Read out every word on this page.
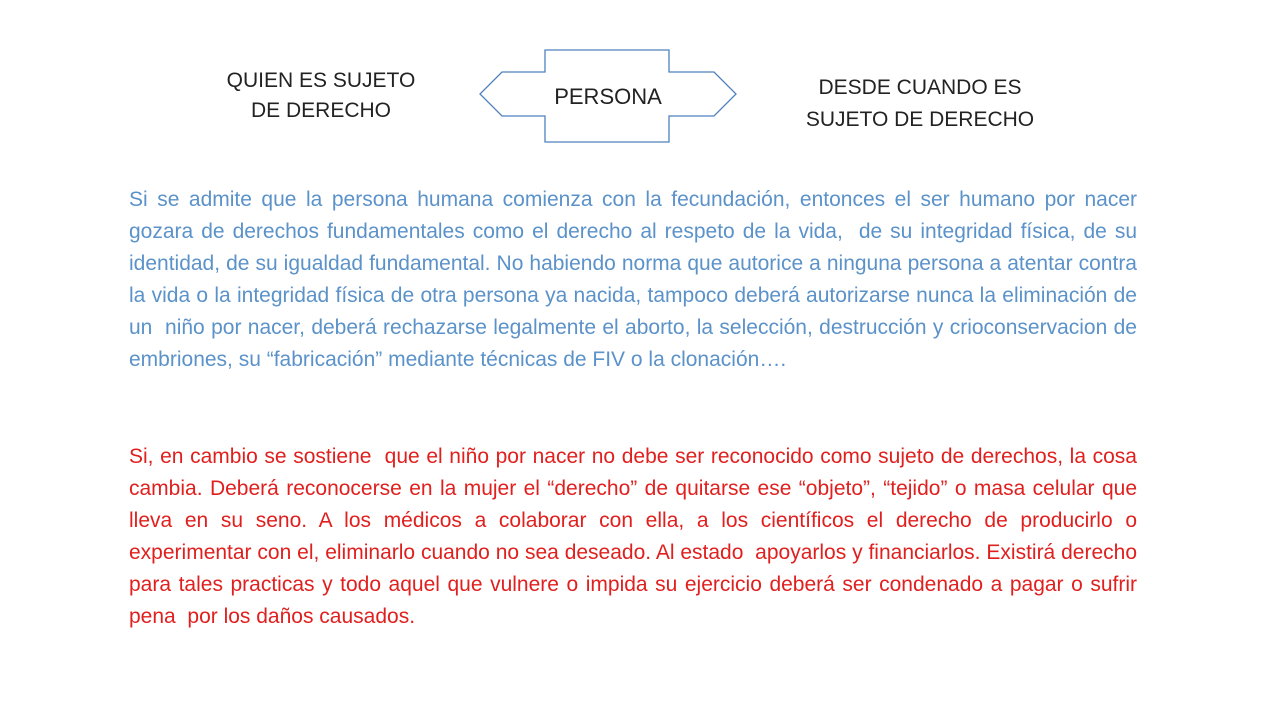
QUIEN ES SUJETO
DE DERECHO
PERSONA	DESDE CUANDO ES
SUJETO DE DERECHO

Si se admite que la persona humana comienza con la fecundación, entonces el ser humano por nacer gozara de derechos fundamentales como el derecho al respeto de la vida,  de su integridad física, de su identidad, de su igualdad fundamental. No habiendo norma que autorice a ninguna persona a atentar contra la vida o la integridad física de otra persona ya nacida, tampoco deberá autorizarse nunca la eliminación de un  niño por nacer, deberá rechazarse legalmente el aborto, la selección, destrucción y crioconservacion de embriones, su “fabricación” mediante técnicas de FIV o la clonación….

Si, en cambio se sostiene  que el niño por nacer no debe ser reconocido como sujeto de derechos, la cosa cambia. Deberá reconocerse en la mujer el “derecho” de quitarse ese “objeto”, “tejido” o masa celular que lleva en su seno. A los médicos a colaborar con ella, a los científicos el derecho de producirlo o experimentar con el, eliminarlo cuando no sea deseado. Al estado  apoyarlos y financiarlos. Existirá derecho para tales practicas y todo aquel que vulnere o impida su ejercicio deberá ser condenado a pagar o sufrir pena  por los daños causados.
